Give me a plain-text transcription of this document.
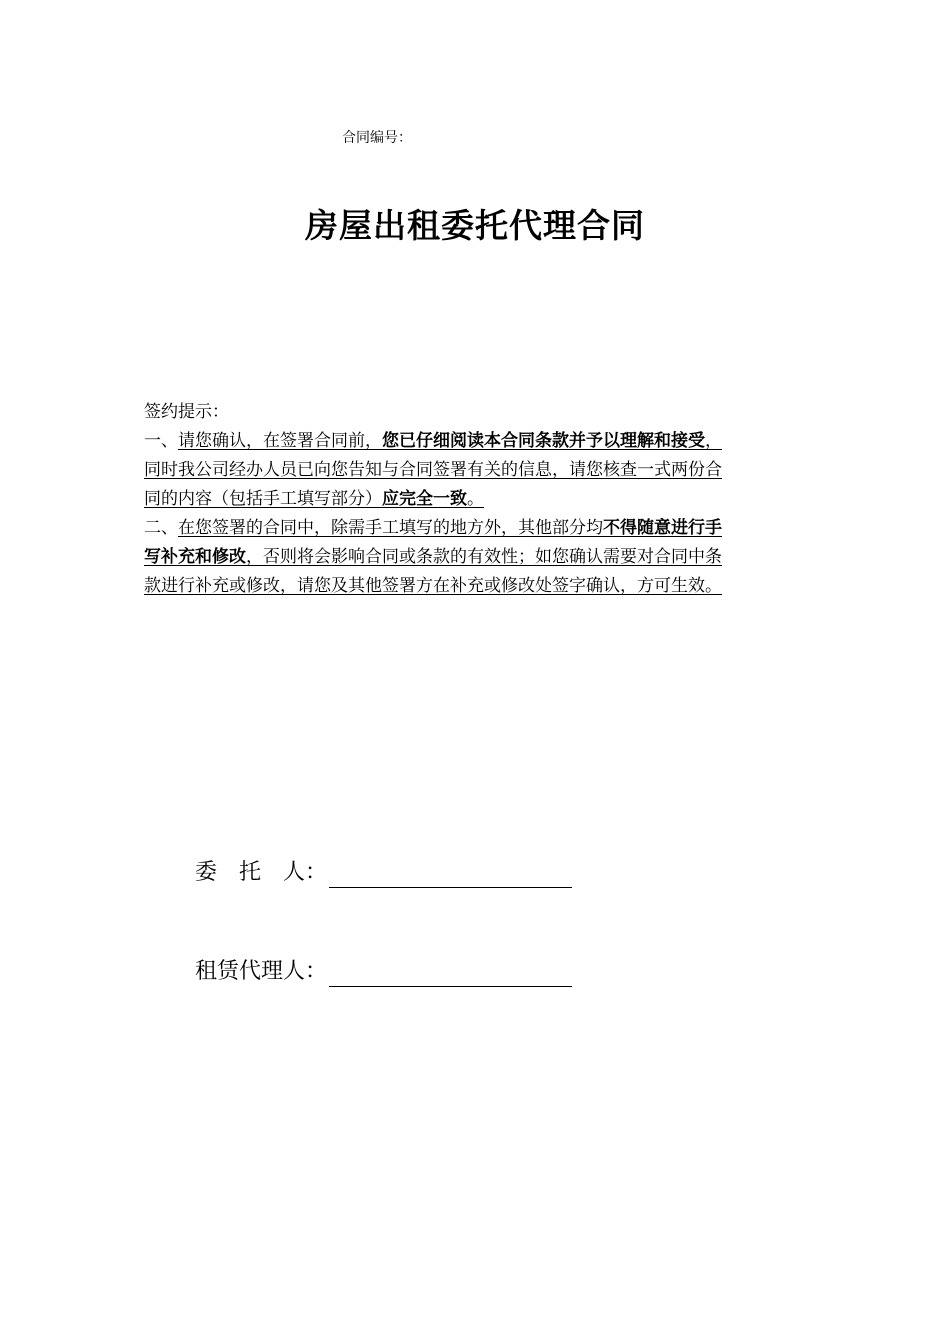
合同编号：
房屋出租委托代理合同
签约提示：
一、请您确认，在签署合同前，您已仔细阅读本合同条款并予以理解和接受，
同时我公司经办人员已向您告知与合同签署有关的信息，请您核查一式两份合
同的内容（包括手工填写部分）应完全一致。
二、在您签署的合同中，除需手工填写的地方外，其他部分均不得随意进行手
写补充和修改，否则将会影响合同或条款的有效性；如您确认需要对合同中条
款进行补充或修改，请您及其他签署方在补充或修改处签字确认，方可生效。
委　托　人：
租赁代理人：
